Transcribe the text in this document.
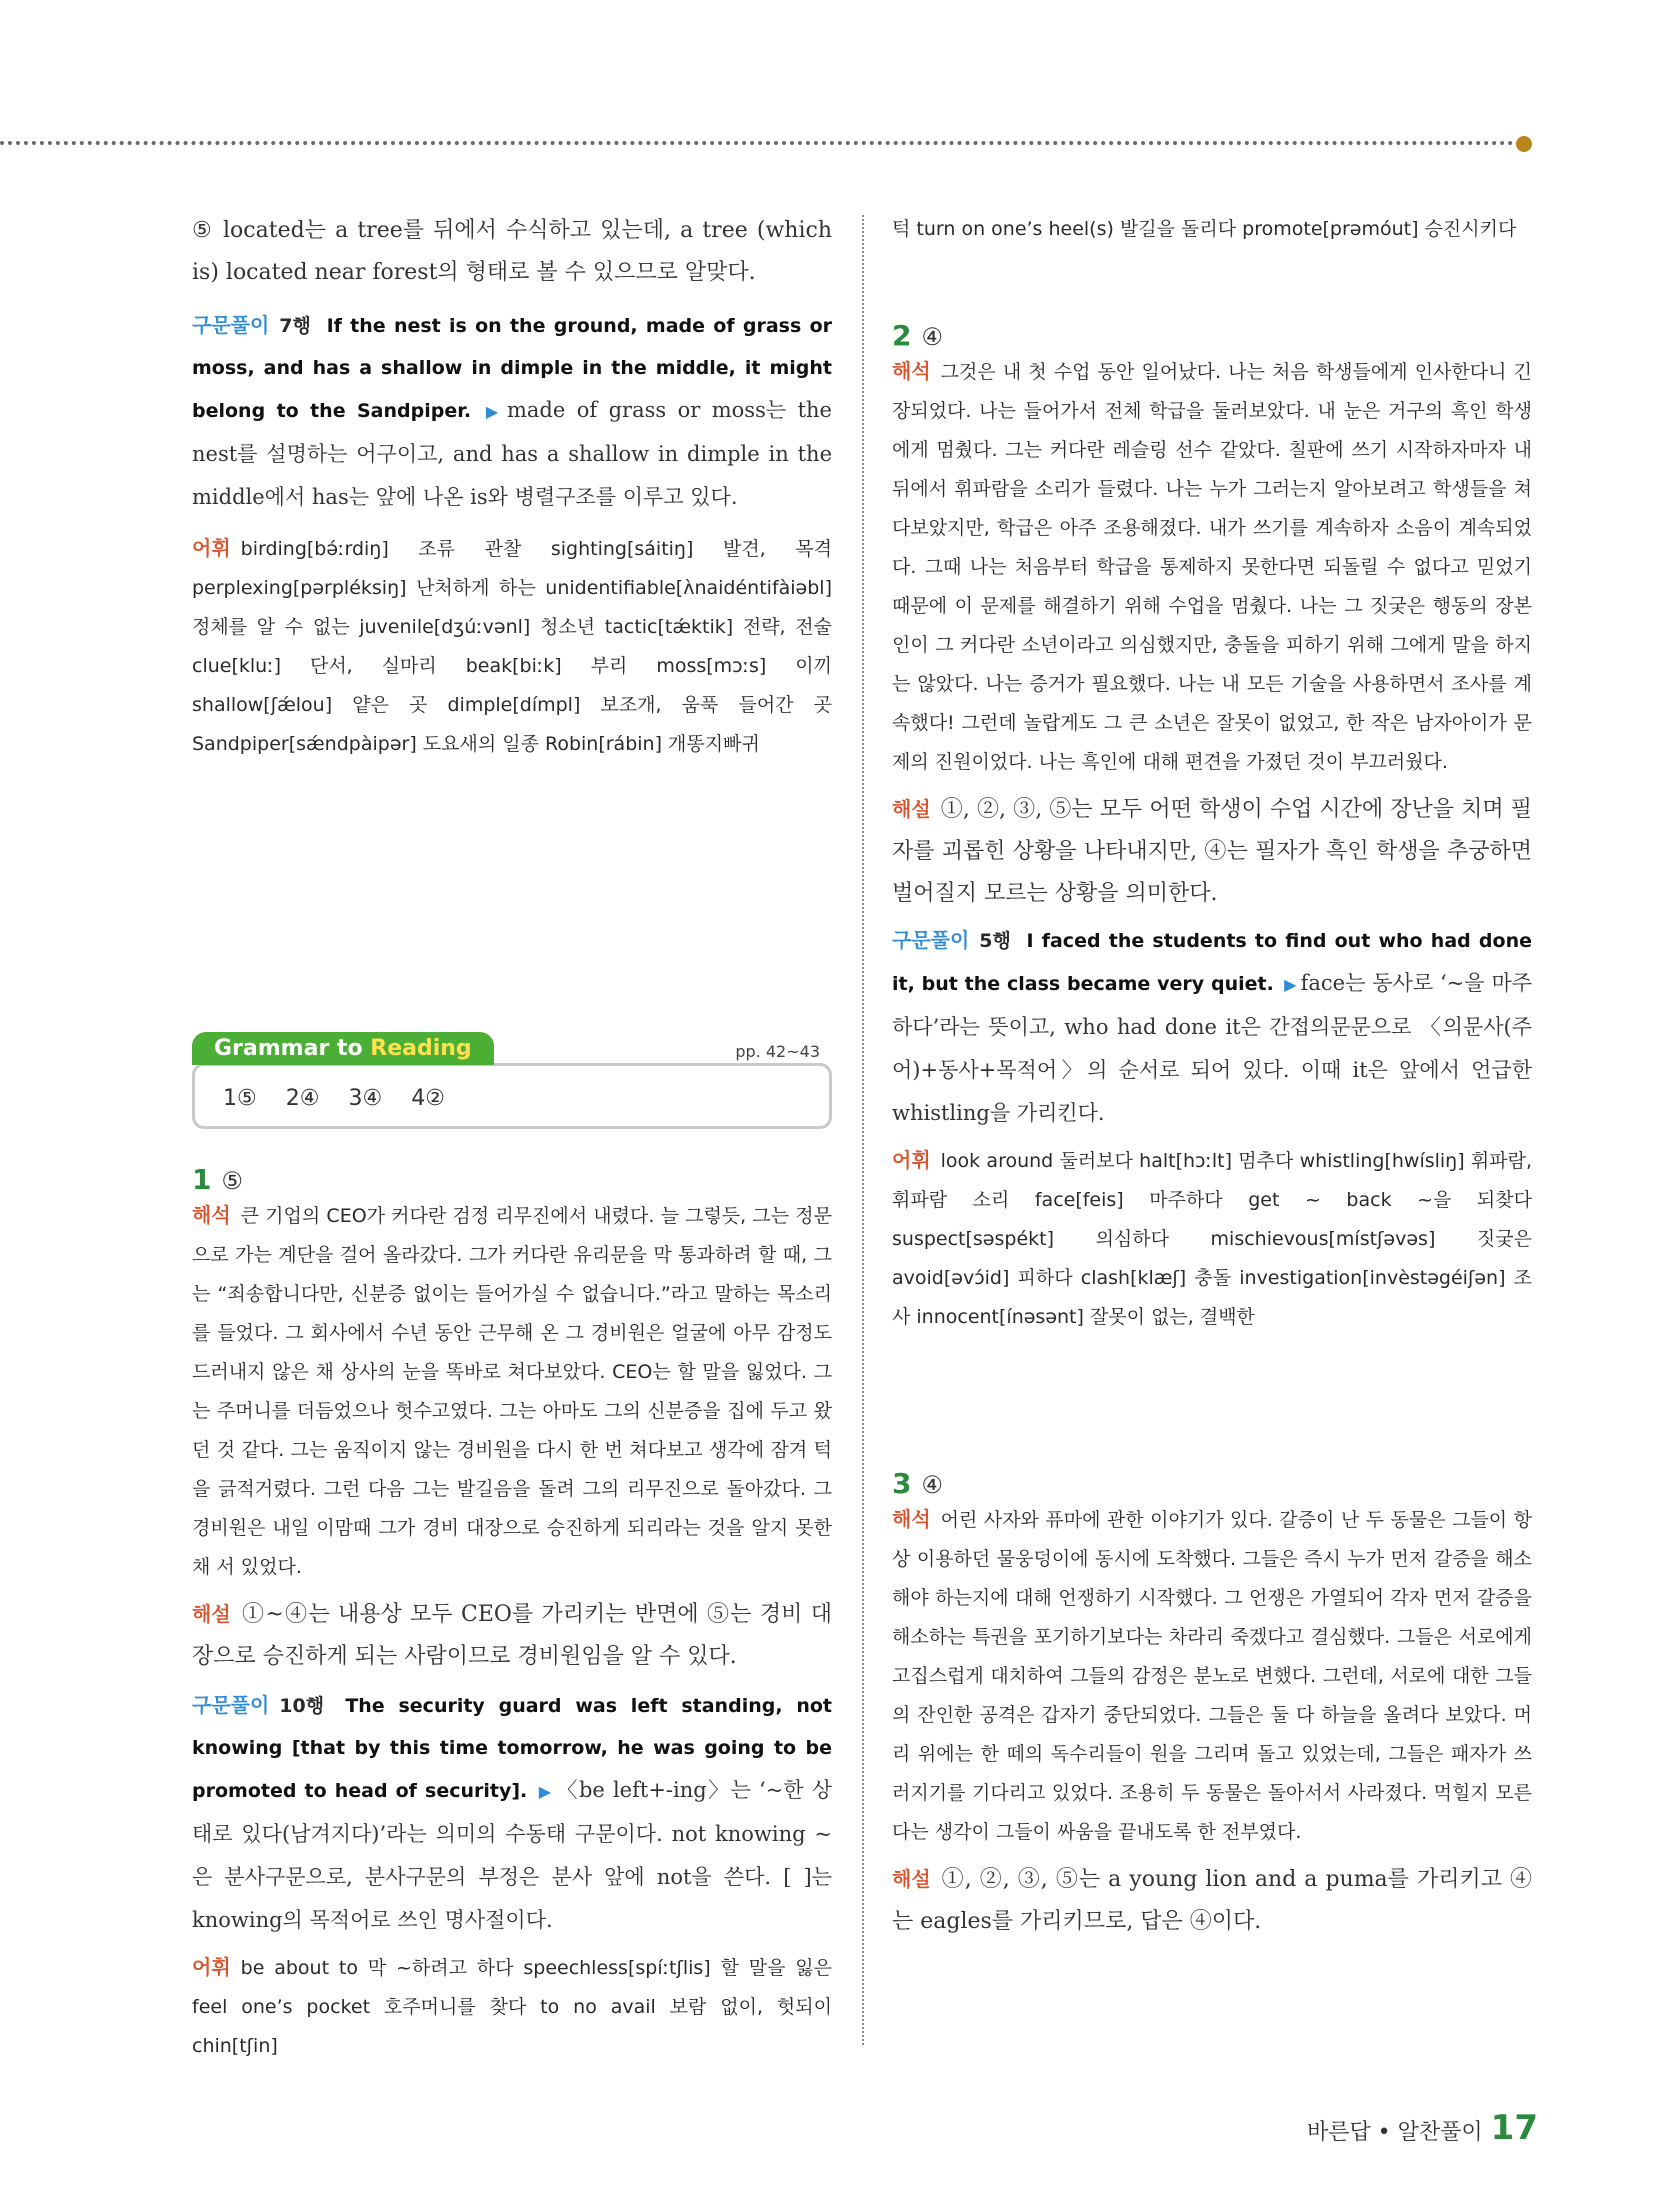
⑤ located는 a tree를 뒤에서 수식하고 있는데, a tree (which is) located near forest의 형태로 볼 수 있으므로 알맞다.

구문풀이 7행 If the nest is on the ground, made of grass or moss, and has a shallow in dimple in the middle, it might belong to the Sandpiper. ▶ made of grass or moss는 the nest를 설명하는 어구이고, and has a shallow in dimple in the middle에서 has는 앞에 나온 is와 병렬구조를 이루고 있다.

어휘 birding[bə́ːrdiŋ] 조류 관찰 sighting[sáitiŋ] 발견, 목격 perplexing[pərpléksiŋ] 난처하게 하는 unidentifiable[ʌ̀naidéntifàiəbl] 정체를 알 수 없는 juvenile[dʒúːvənl] 청소년 tactic[tǽktik] 전략, 전술 clue[kluː] 단서, 실마리 beak[biːk] 부리 moss[mɔːs] 이끼 shallow[ʃǽlou] 얕은 곳 dimple[dímpl] 보조개, 움푹 들어간 곳 Sandpiper[sǽndpàipər] 도요새의 일종 Robin[rábin] 개똥지빠귀

Grammar to Reading	pp. 42~43
1⑤ 2④ 3④ 4②
1 ⑤

해석 큰 기업의 CEO가 커다란 검정 리무진에서 내렸다. 늘 그렇듯, 그는 정문으로 가는 계단을 걸어 올라갔다. 그가 커다란 유리문을 막 통과하려 할 때, 그는 “죄송합니다만, 신분증 없이는 들어가실 수 없습니다.”라고 말하는 목소리를 들었다. 그 회사에서 수년 동안 근무해 온 그 경비원은 얼굴에 아무 감정도 드러내지 않은 채 상사의 눈을 똑바로 쳐다보았다. CEO는 할 말을 잃었다. 그는 주머니를 더듬었으나 헛수고였다. 그는 아마도 그의 신분증을 집에 두고 왔던 것 같다. 그는 움직이지 않는 경비원을 다시 한 번 쳐다보고 생각에 잠겨 턱을 긁적거렸다. 그런 다음 그는 발길음을 돌려 그의 리무진으로 돌아갔다. 그 경비원은 내일 이맘때 그가 경비 대장으로 승진하게 되리라는 것을 알지 못한 채 서 있었다.

해설 ①~④는 내용상 모두 CEO를 가리키는 반면에 ⑤는 경비 대장으로 승진하게 되는 사람이므로 경비원임을 알 수 있다.

구문풀이 10행 The security guard was left standing, not knowing [that by this time tomorrow, he was going to be promoted to head of security]. ▶ 〈be left+-ing〉는 ‘~한 상태로 있다(남겨지다)’라는 의미의 수동태 구문이다. not knowing ~은 분사구문으로, 분사구문의 부정은 분사 앞에 not을 쓴다. [ ]는 knowing의 목적어로 쓰인 명사절이다.

어휘 be about to 막 ~하려고 하다 speechless[spíːtʃlis] 할 말을 잃은 feel one’s pocket 호주머니를 찾다 to no avail 보람 없이, 헛되이 chin[tʃin]

턱 turn on one’s heel(s) 발길을 돌리다 promote[prəmóut] 승진시키다

2 ④

해석 그것은 내 첫 수업 동안 일어났다. 나는 처음 학생들에게 인사한다니 긴장되었다. 나는 들어가서 전체 학급을 둘러보았다. 내 눈은 거구의 흑인 학생에게 멈췄다. 그는 커다란 레슬링 선수 같았다. 칠판에 쓰기 시작하자마자 내 뒤에서 휘파람을 소리가 들렸다. 나는 누가 그러는지 알아보려고 학생들을 쳐다보았지만, 학급은 아주 조용해졌다. 내가 쓰기를 계속하자 소음이 계속되었다. 그때 나는 처음부터 학급을 통제하지 못한다면 되돌릴 수 없다고 믿었기 때문에 이 문제를 해결하기 위해 수업을 멈췄다. 나는 그 짓궂은 행동의 장본인이 그 커다란 소년이라고 의심했지만, 충돌을 피하기 위해 그에게 말을 하지는 않았다. 나는 증거가 필요했다. 나는 내 모든 기술을 사용하면서 조사를 계속했다! 그런데 놀랍게도 그 큰 소년은 잘못이 없었고, 한 작은 남자아이가 문제의 진원이었다. 나는 흑인에 대해 편견을 가졌던 것이 부끄러웠다.

해설 ①, ②, ③, ⑤는 모두 어떤 학생이 수업 시간에 장난을 치며 필자를 괴롭힌 상황을 나타내지만, ④는 필자가 흑인 학생을 추궁하면 벌어질지 모르는 상황을 의미한다.

구문풀이 5행 I faced the students to find out who had done it, but the class became very quiet. ▶ face는 동사로 ‘~을 마주하다’라는 뜻이고, who had done it은 간접의문문으로 〈의문사(주어)+동사+목적어〉의 순서로 되어 있다. 이때 it은 앞에서 언급한 whistling을 가리킨다.

어휘 look around 둘러보다 halt[hɔːlt] 멈추다 whistling[hwísliŋ] 휘파람, 휘파람 소리 face[feis] 마주하다 get ~ back ~을 되찾다 suspect[səspékt] 의심하다 mischievous[místʃəvəs] 짓궂은 avoid[əvɔ́id] 피하다 clash[klæʃ] 충돌 investigation[invèstəgéiʃən] 조사 innocent[ínəsənt] 잘못이 없는, 결백한

3 ④

해석 어린 사자와 퓨마에 관한 이야기가 있다. 갈증이 난 두 동물은 그들이 항상 이용하던 물웅덩이에 동시에 도착했다. 그들은 즉시 누가 먼저 갈증을 해소해야 하는지에 대해 언쟁하기 시작했다. 그 언쟁은 가열되어 각자 먼저 갈증을 해소하는 특권을 포기하기보다는 차라리 죽겠다고 결심했다. 그들은 서로에게 고집스럽게 대치하여 그들의 감정은 분노로 변했다. 그런데, 서로에 대한 그들의 잔인한 공격은 갑자기 중단되었다. 그들은 둘 다 하늘을 올려다 보았다. 머리 위에는 한 떼의 독수리들이 원을 그리며 돌고 있었는데, 그들은 패자가 쓰러지기를 기다리고 있었다. 조용히 두 동물은 돌아서서 사라졌다. 먹힐지 모른다는 생각이 그들이 싸움을 끝내도록 한 전부였다.

해설 ①, ②, ③, ⑤는 a young lion and a puma를 가리키고 ④는 eagles를 가리키므로, 답은 ④이다.

바른답 • 알찬풀이 17
